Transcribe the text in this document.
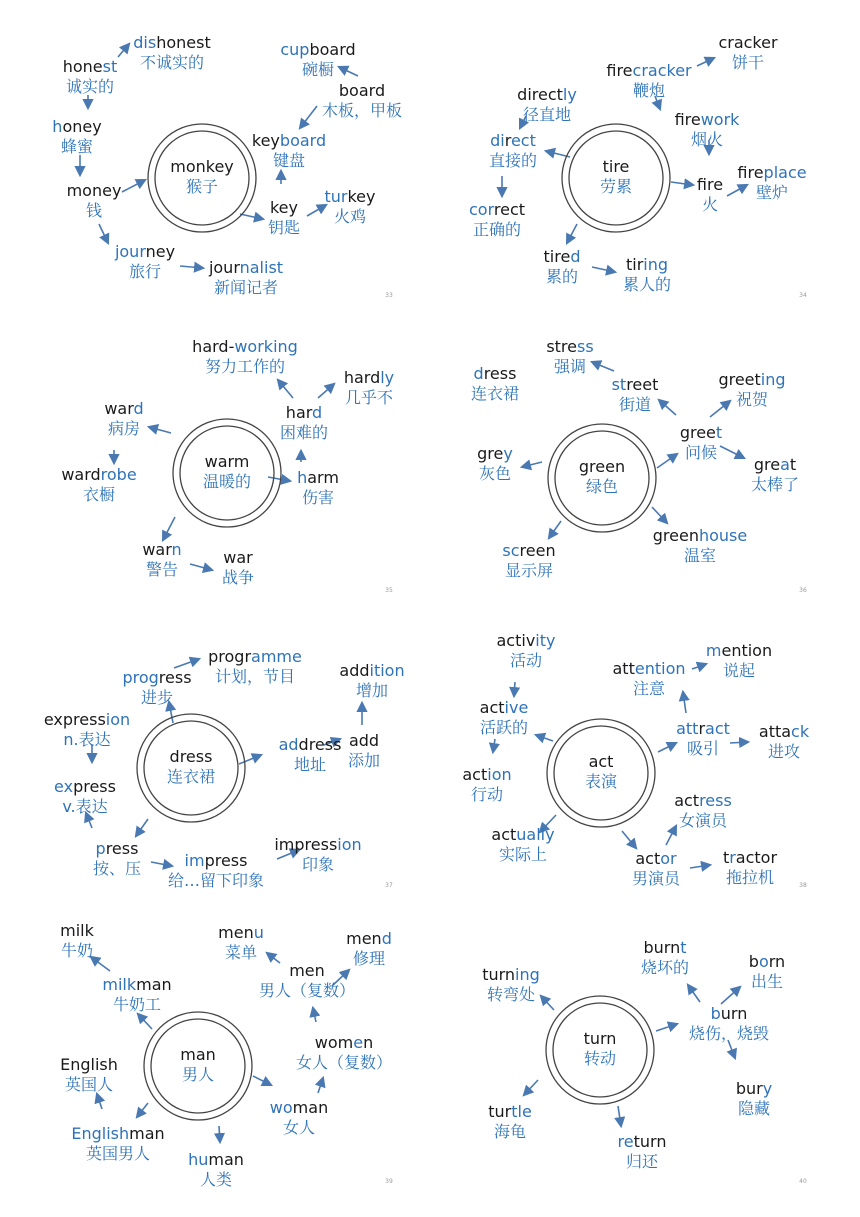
monkey
猴子
dishonest
不诚实的
honest
诚实的
honey
蜂蜜
money
钱
journey
旅行	journalist
新闻记者
cupboard
碗橱
board
木板，甲板
keyboard
键盘
key
钥匙
turkey
火鸡
33
tire
劳累
directly
径直地
direct
直接的
correct
正确的
tired
累的
tiring
累人的
cracker
饼干
firecracker
鞭炮
firework
烟火
fire
火
fireplace
壁炉
34
warm
温暖的
hard-working
努力工作的
hardly
几乎不
hard
困难的
harm
伤害
ward
病房
wardrobe
衣橱
warn
警告
war
战争
35
green
绿色
stress
强调
dress
连衣裙	street
街道
greeting
祝贺
greet
问候
great
太棒了
grey
灰色
screen
显示屏
greenhouse
温室
36
dress
连衣裙
programme
计划，节目
progress
进步
addition
增加
add
添加
address
地址
expression
n.表达
express
v.表达
press
按、压	impress
给…留下印象
impression
印象
37
act
表演
activity
活动
active
活跃的
action
行动
actually
实际上
mention
说起
attention
注意
attract
吸引
attack
进攻
actress
女演员
actor
男演员
tractor
拖拉机	38
man
男人
milk
牛奶
milkman
牛奶工
English
英国人
Englishman
英国男人 human
人类
menu
菜单
mend
修理
men
男人（复数）
women
女人（复数）
woman
女人
39
turn
转动
turning
转弯处
burnt
烧坏的	born
出生
burn
烧伤，烧毁
bury
隐藏
turtle
海龟
return
归还
40
